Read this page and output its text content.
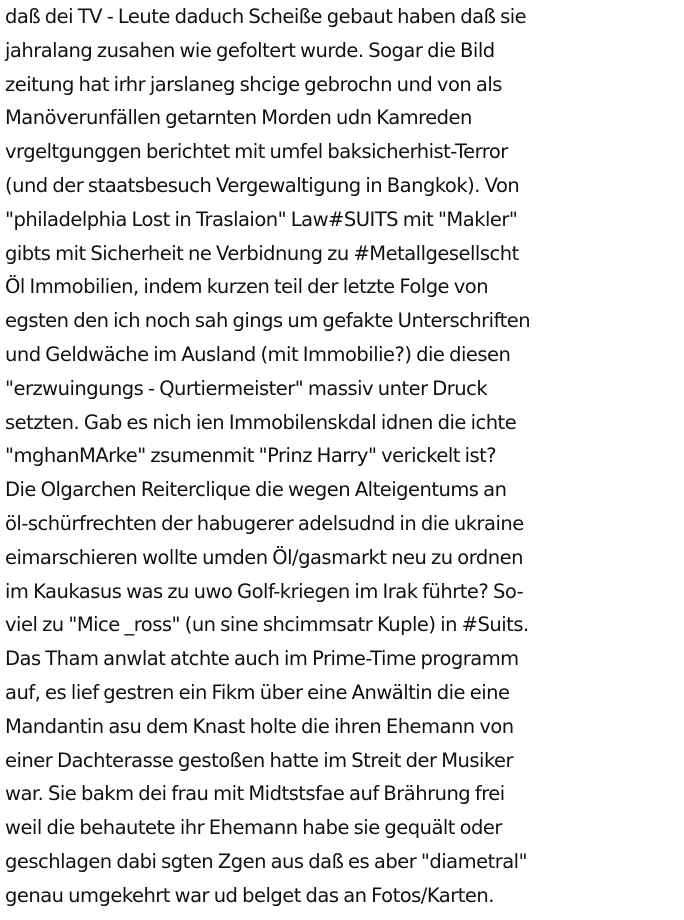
daß dei TV - Leute daduch Scheiße gebaut haben daß sie
jahralang zusahen wie gefoltert wurde. Sogar die Bild
zeitung hat irhr jarslaneg shcige gebrochn und von als
Manöverunfällen getarnten Morden udn Kamreden
vrgeltgunggen berichtet mit umfel baksicherhist-Terror
(und der staatsbesuch Vergewaltigung in Bangkok). Von
"philadelphia Lost in Traslaion" Law#SUITS mit "Makler"
gibts mit Sicherheit ne Verbidnung zu #Metallgesellscht
Öl Immobilien, indem kurzen teil der letzte Folge von
egsten den ich noch sah gings um gefakte Unterschriften
und Geldwäche im Ausland (mit Immobilie?) die diesen
"erzwuingungs - Qurtiermeister" massiv unter Druck
setzten. Gab es nich ien Immobilenskdal idnen die ichte
"mghanMArke" zsumenmit "Prinz Harry" verickelt ist?
Die Olgarchen Reiterclique die wegen Alteigentums an
öl-schürfrechten der habugerer adelsudnd in die ukraine
eimarschieren wollte umden Öl/gasmarkt neu zu ordnen
im Kaukasus was zu uwo Golf-kriegen im Irak führte? So-
viel zu "Mice _ross" (un sine shcimmsatr Kuple) in #Suits.
Das Tham anwlat atchte auch im Prime-Time programm
auf, es lief gestren ein Fikm über eine Anwältin die eine
Mandantin asu dem Knast holte die ihren Ehemann von
einer Dachterasse gestoßen hatte im Streit der Musiker
war. Sie bakm dei frau mit Midtstsfae auf Brährung frei
weil die behautete ihr Ehemann habe sie gequält oder
geschlagen dabi sgten Zgen aus daß es aber "diametral"
genau umgekehrt war ud belget das an Fotos/Karten.
